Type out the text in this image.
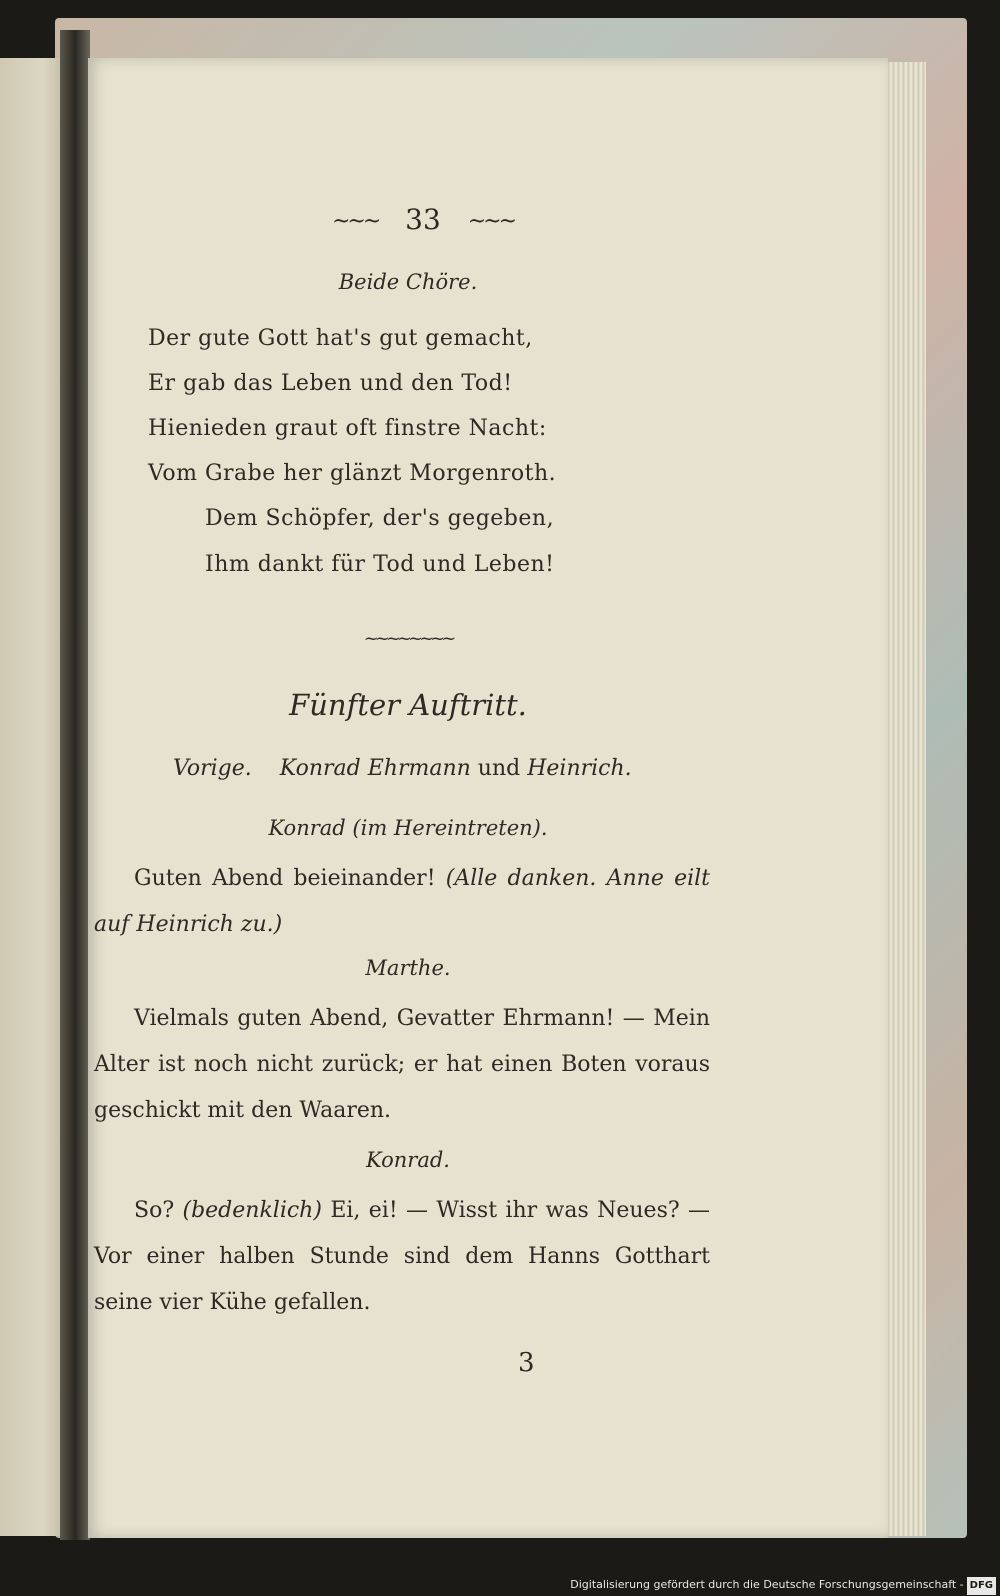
~~~ 33 ~~~
Beide Chöre.
Der gute Gott hat's gut gemacht,
Er gab das Leben und den Tod!
Hienieden graut oft finstre Nacht:
Vom Grabe her glänzt Morgenroth.
Dem Schöpfer, der's gegeben,
Ihm dankt für Tod und Leben!
~~~~~~~~
Fünfter Auftritt.
Vorige. Konrad Ehrmann und Heinrich.
Konrad (im Hereintreten).
Guten Abend beieinander! (Alle danken. Anne eilt auf Heinrich zu.)
Marthe.
Vielmals guten Abend, Gevatter Ehrmann! — Mein Alter ist noch nicht zurück; er hat einen Boten voraus geschickt mit den Waaren.
Konrad.
So? (bedenklich) Ei, ei! — Wisst ihr was Neues? — Vor einer halben Stunde sind dem Hanns Gotthart seine vier Kühe gefallen.
3
Digitalisierung gefördert durch die Deutsche Forschungsgemeinschaft - DFG
